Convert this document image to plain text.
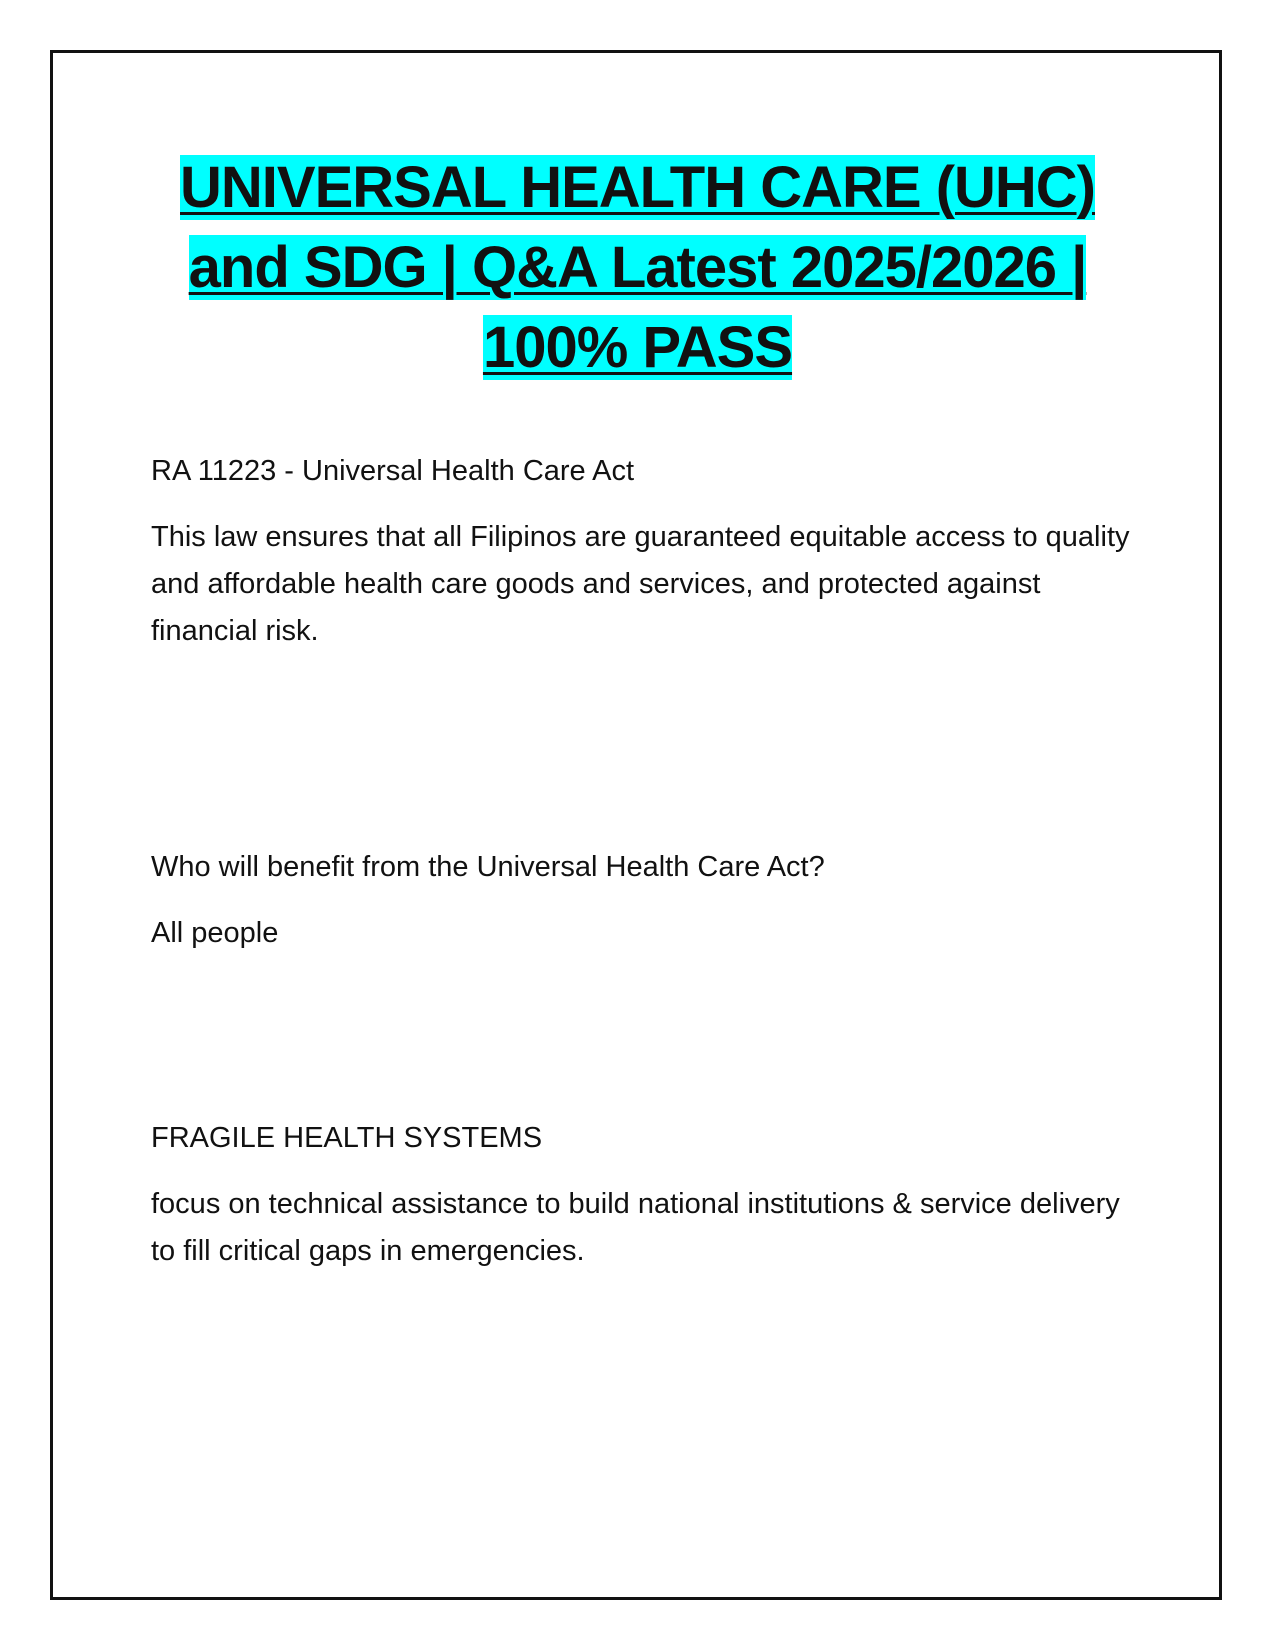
UNIVERSAL HEALTH CARE (UHC)
and SDG | Q&A Latest 2025/2026 |
100% PASS

RA 11223 - Universal Health Care Act

This law ensures that all Filipinos are guaranteed equitable access to quality and affordable health care goods and services, and protected against financial risk.

Who will benefit from the Universal Health Care Act?

All people

FRAGILE HEALTH SYSTEMS

focus on technical assistance to build national institutions & service delivery to fill critical gaps in emergencies.
